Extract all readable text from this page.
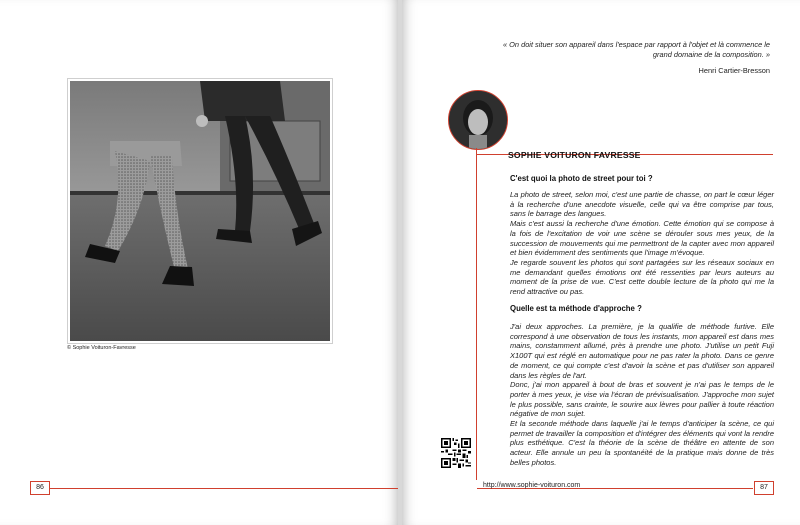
© Sophie Voituron-Favresse
86
« On doit situer son appareil dans l'espace par rapport à l'objet et là commence le grand domaine de la composition. »
Henri Cartier-Bresson
SOPHIE VOITURON FAVRESSE
C'est quoi la photo de street pour toi ?

La photo de street, selon moi, c'est une partie de chasse, on part le cœur léger à la recherche d'une anecdote visuelle, celle qui va être comprise par tous, sans le barrage des langues.

Mais c'est aussi la recherche d'une émotion. Cette émotion qui se compose à la fois de l'excitation de voir une scène se dérouler sous mes yeux, de la succession de mouvements qui me permettront de la capter avec mon appareil et bien évidemment des sentiments que l'image m'évoque.

Je regarde souvent les photos qui sont partagées sur les réseaux sociaux en me demandant quelles émotions ont été ressenties par leurs auteurs au moment de la prise de vue. C'est cette double lecture de la photo qui me la rend attractive ou pas.

Quelle est ta méthode d'approche ?

J'ai deux approches. La première, je la qualifie de méthode furtive. Elle correspond à une observation de tous les instants, mon appareil est dans mes mains, constamment allumé, près à prendre une photo. J'utilise un petit Fuji X100T qui est réglé en automatique pour ne pas rater la photo. Dans ce genre de moment, ce qui compte c'est d'avoir la scène et pas d'utiliser son appareil dans les règles de l'art.

Donc, j'ai mon appareil à bout de bras et souvent je n'ai pas le temps de le porter à mes yeux, je vise via l'écran de prévisualisation. J'approche mon sujet le plus possible, sans crainte, le sourire aux lèvres pour pallier à toute réaction négative de mon sujet.

Et la seconde méthode dans laquelle j'ai le temps d'anticiper la scène, ce qui permet de travailler la composition et d'intégrer des éléments qui vont la rendre plus esthétique. C'est la théorie de la scène de théâtre en attente de son acteur. Elle annule un peu la spontanéité de la pratique mais donne de très belles photos.

http://www.sophie-voituron.com	87
